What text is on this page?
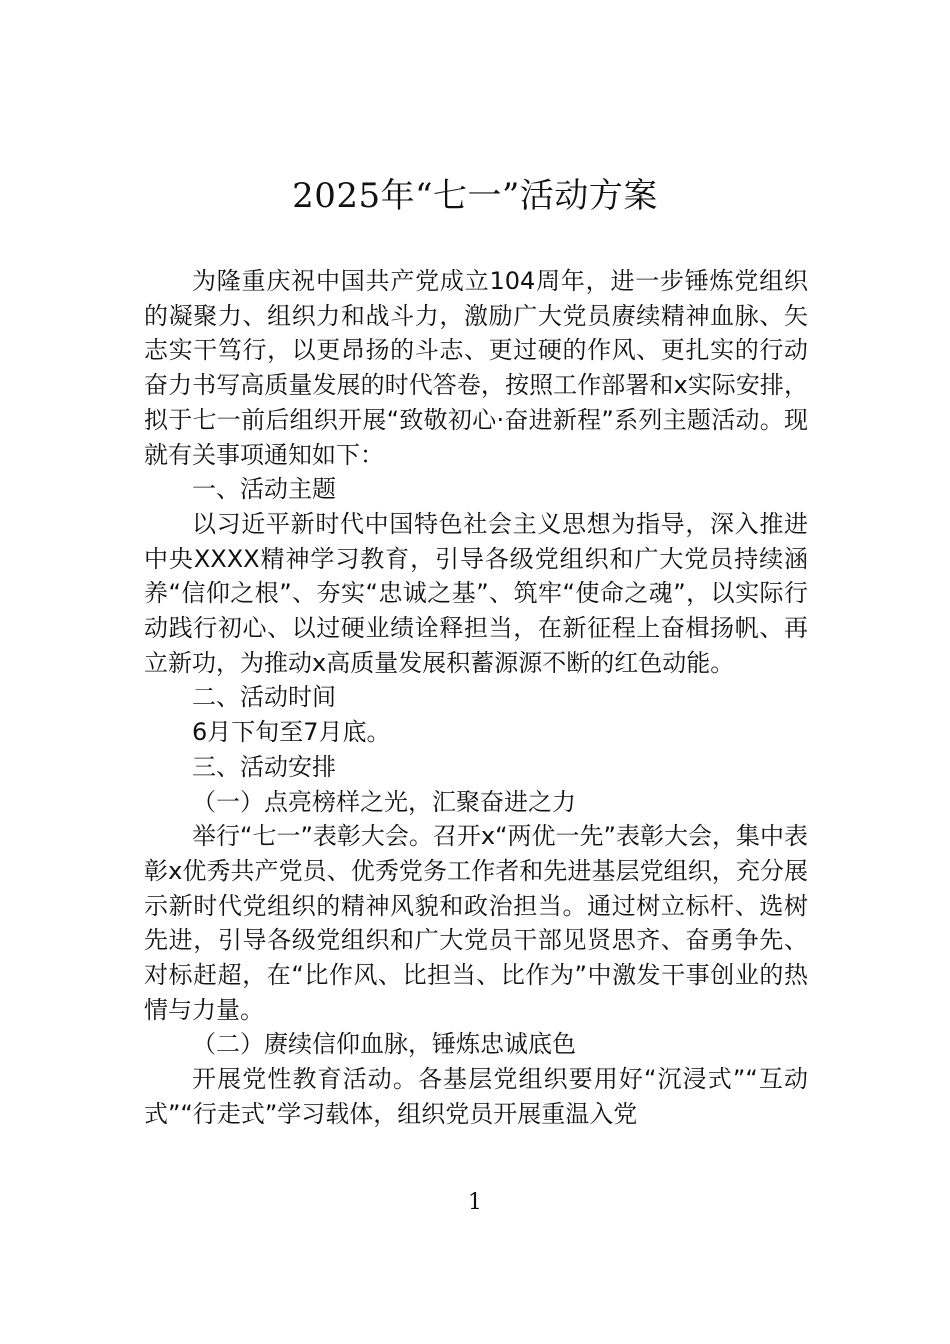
2025年“七一”活动方案

为隆重庆祝中国共产党成立104周年，进一步锤炼党组织的凝聚力、组织力和战斗力，激励广大党员赓续精神血脉、矢志实干笃行，以更昂扬的斗志、更过硬的作风、更扎实的行动奋力书写高质量发展的时代答卷，按照工作部署和x实际安排，拟于七一前后组织开展“致敬初心·奋进新程”系列主题活动。现就有关事项通知如下：

一、活动主题

以习近平新时代中国特色社会主义思想为指导，深入推进中央XXXX精神学习教育，引导各级党组织和广大党员持续涵养“信仰之根”、夯实“忠诚之基”、筑牢“使命之魂”，以实际行动践行初心、以过硬业绩诠释担当，在新征程上奋楫扬帆、再立新功，为推动x高质量发展积蓄源源不断的红色动能。

二、活动时间

6月下旬至7月底。

三、活动安排

（一）点亮榜样之光，汇聚奋进之力

举行“七一”表彰大会。召开x“两优一先”表彰大会，集中表彰x优秀共产党员、优秀党务工作者和先进基层党组织，充分展示新时代党组织的精神风貌和政治担当。通过树立标杆、选树先进，引导各级党组织和广大党员干部见贤思齐、奋勇争先、对标赶超，在“比作风、比担当、比作为”中激发干事创业的热情与力量。

（二）赓续信仰血脉，锤炼忠诚底色

开展党性教育活动。各基层党组织要用好“沉浸式”“互动式”“行走式”学习载体，组织党员开展重温入党

1
